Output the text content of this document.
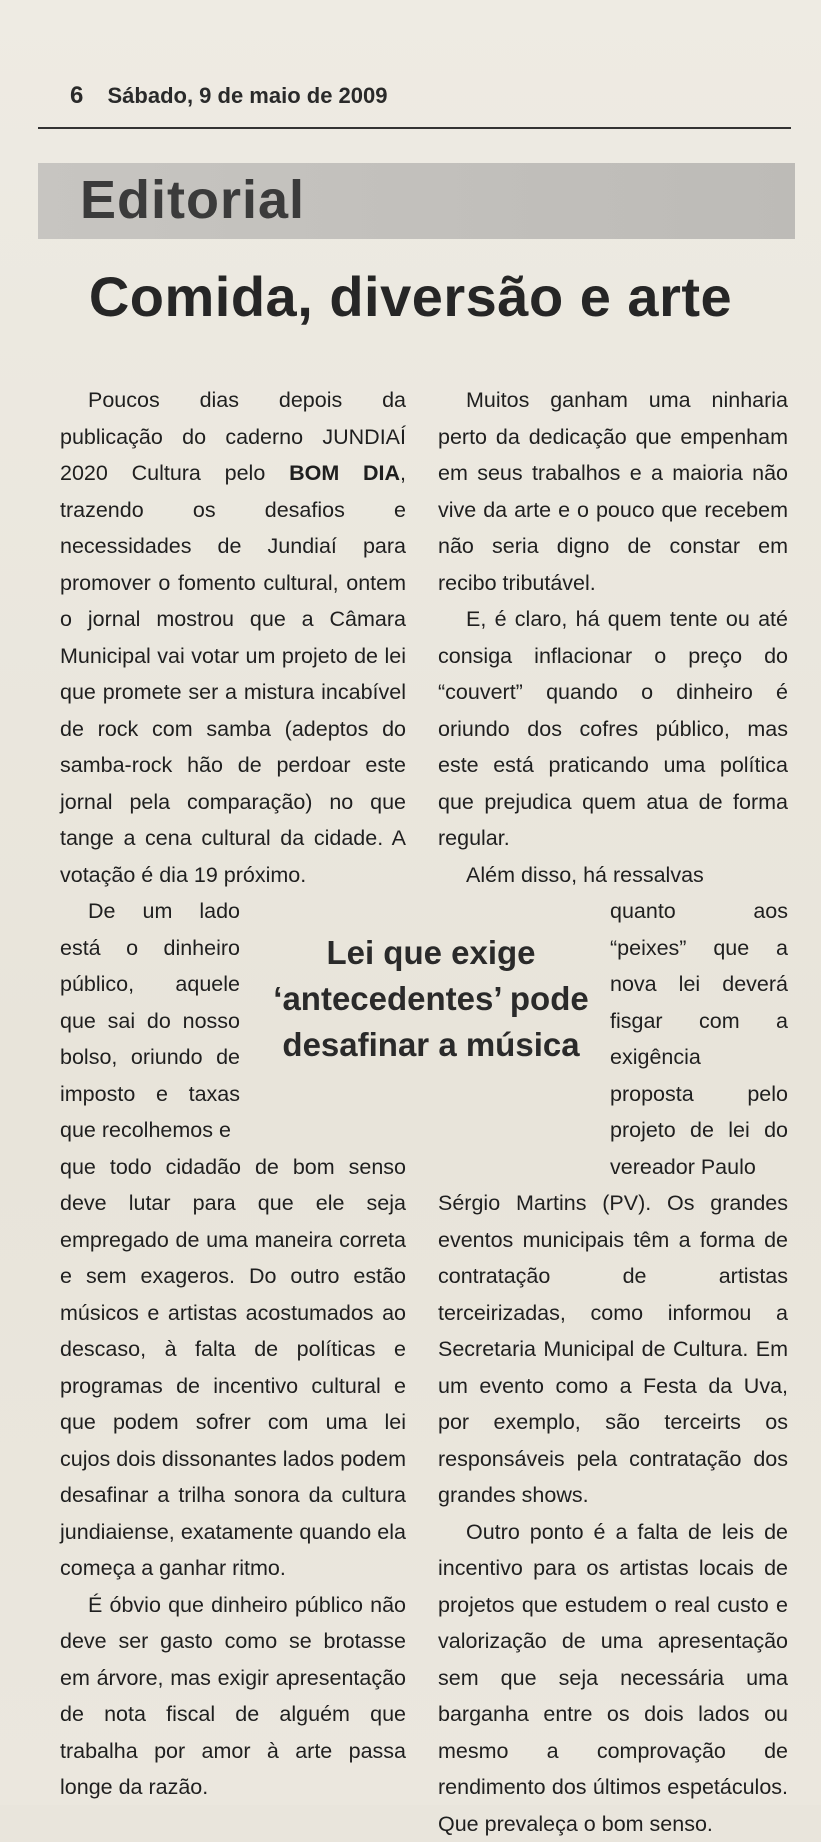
6 Sábado, 9 de maio de 2009
Editorial
Comida, diversão e arte

Poucos dias depois da publicação do caderno JUNDIAÍ 2020 Cultura pelo BOM DIA, trazendo os desafios e necessidades de Jundiaí para promover o fomento cultural, ontem o jornal mostrou que a Câmara Municipal vai votar um projeto de lei que promete ser a mistura incabível de rock com samba (adeptos do samba-rock hão de perdoar este jornal pela comparação) no que tange a cena cultural da cidade. A votação é dia 19 próximo.

De um lado está o dinheiro público, aquele que sai do nosso bolso, oriundo de imposto e taxas que recolhemos e

que todo cidadão de bom senso deve lutar para que ele seja empregado de uma maneira correta e sem exageros. Do outro estão músicos e artistas acostumados ao descaso, à falta de políticas e programas de incentivo cultural e que podem sofrer com uma lei cujos dois dissonantes lados podem desafinar a trilha sonora da cultura jundiaiense, exatamente quando ela começa a ganhar ritmo.

É óbvio que dinheiro público não deve ser gasto como se brotasse em árvore, mas exigir apresentação de nota fiscal de alguém que trabalha por amor à arte passa longe da razão.

Lei que exige ‘antecedentes’ pode desafinar a música

Muitos ganham uma ninharia perto da dedicação que empenham em seus trabalhos e a maioria não vive da arte e o pouco que recebem não seria digno de constar em recibo tributável.

E, é claro, há quem tente ou até consiga inflacionar o preço do “couvert” quando o dinheiro é oriundo dos cofres público, mas este está praticando uma política que prejudica quem atua de forma regular.

Além disso, há ressalvas

quanto aos “peixes” que a nova lei deverá fisgar com a exigência proposta pelo projeto de lei do vereador Paulo

Sérgio Martins (PV). Os grandes eventos municipais têm a forma de contratação de artistas terceirizadas, como informou a Secretaria Municipal de Cultura. Em um evento como a Festa da Uva, por exemplo, são terceirts os responsáveis pela contratação dos grandes shows.

Outro ponto é a falta de leis de incentivo para os artistas locais de projetos que estudem o real custo e valorização de uma apresentação sem que seja necessária uma barganha entre os dois lados ou mesmo a comprovação de rendimento dos últimos espetáculos. Que prevaleça o bom senso.
